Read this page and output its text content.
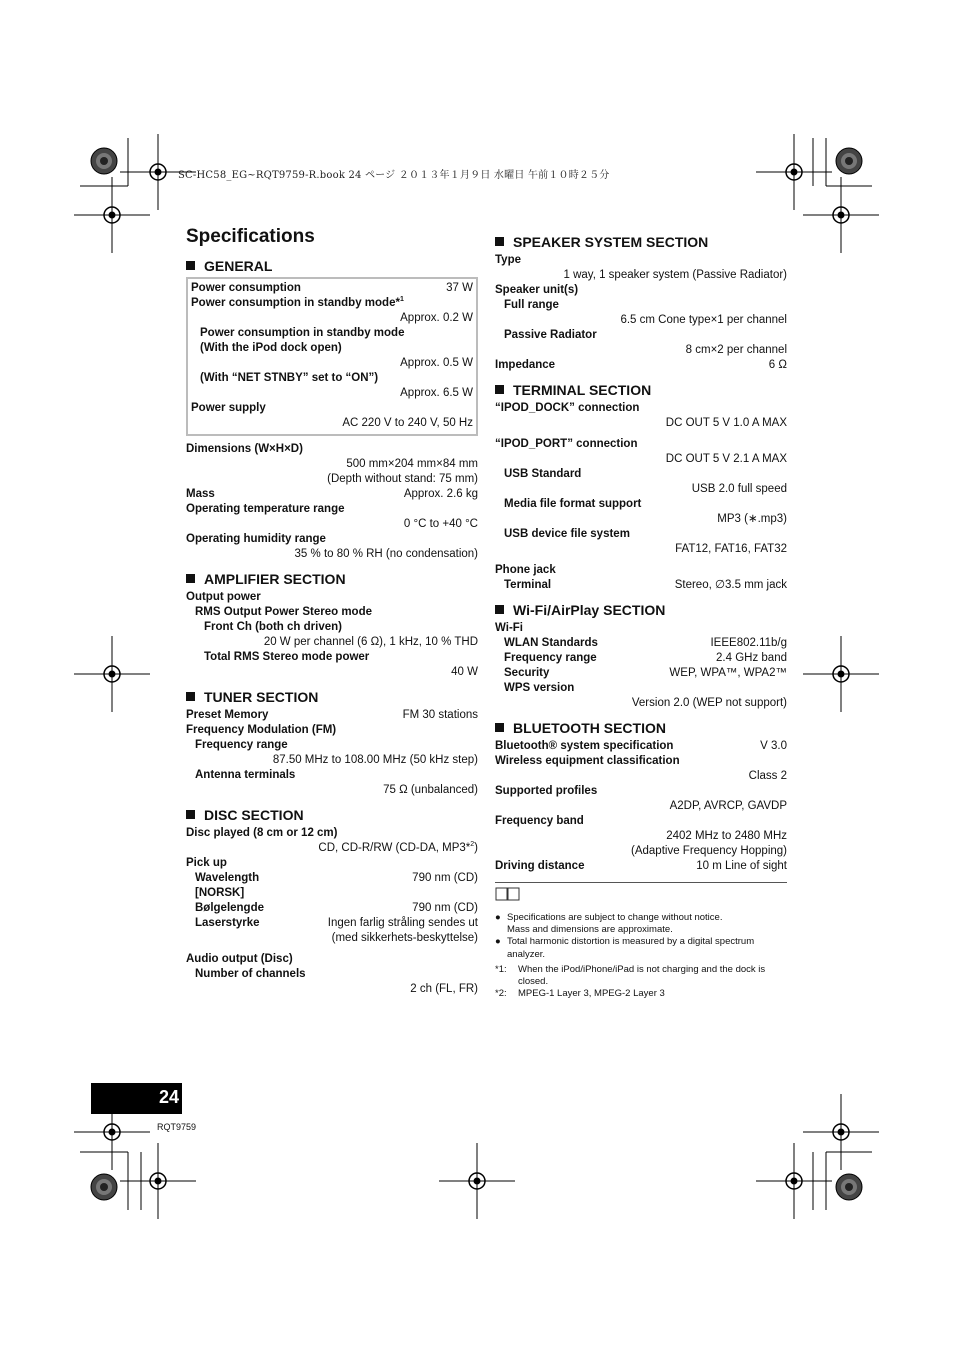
SC-HC58_EG~RQT9759-R.book 24 ページ ２０１３年１月９日 水曜日 午前１０時２５分
Specifications
GENERAL
Power consumption	37 W
Power consumption in standby mode*$^1$
Approx. 0.2 W
Power consumption in standby mode
(With the iPod dock open)
Approx. 0.5 W
(With “NET STNBY” set to “ON”)
Approx. 6.5 W
Power supply
AC 220 V to 240 V, 50 Hz
Dimensions (W×H×D)
500 mm×204 mm×84 mm
(Depth without stand: 75 mm)
Mass	Approx. 2.6 kg
Operating temperature range
0 °C to +40 °C
Operating humidity range
35 % to 80 % RH (no condensation)
AMPLIFIER SECTION
Output power
RMS Output Power Stereo mode
Front Ch (both ch driven)
20 W per channel (6 Ω), 1 kHz, 10 % THD
Total RMS Stereo mode power
40 W
TUNER SECTION
Preset Memory	FM 30 stations
Frequency Modulation (FM)
Frequency range
87.50 MHz to 108.00 MHz (50 kHz step)
Antenna terminals
75 Ω (unbalanced)
DISC SECTION
Disc played (8 cm or 12 cm)
CD, CD-R/RW (CD-DA, MP3*$^2$)
Pick up
Wavelength	790 nm (CD)
[NORSK]
Bølgelengde	790 nm (CD)
Laserstyrke	Ingen farlig stråling sendes ut
(med sikkerhets-beskyttelse)
Audio output (Disc)
Number of channels
2 ch (FL, FR)
SPEAKER SYSTEM SECTION
Type
1 way, 1 speaker system (Passive Radiator)
Speaker unit(s)
Full range
6.5 cm Cone type×1 per channel
Passive Radiator
8 cm×2 per channel
Impedance	6 Ω
TERMINAL SECTION
“IPOD_DOCK” connection
DC OUT 5 V 1.0 A MAX
“IPOD_PORT” connection
DC OUT 5 V 2.1 A MAX
USB Standard
USB 2.0 full speed
Media file format support
MP3 (∗.mp3)
USB device file system
FAT12, FAT16, FAT32
Phone jack
Terminal	Stereo, ∅3.5 mm jack
Wi-Fi/AirPlay SECTION
Wi-Fi
WLAN Standards	IEEE802.11b/g
Frequency range	2.4 GHz band
Security	WEP, WPA™, WPA2™
WPS version
Version 2.0 (WEP not support)
BLUETOOTH SECTION
Bluetooth® system specification	V 3.0
Wireless equipment classification
Class 2
Supported profiles
A2DP, AVRCP, GAVDP
Frequency band
2402 MHz to 2480 MHz
(Adaptive Frequency Hopping)
Driving distance	10 m Line of sight
● Specifications are subject to change without notice.
Mass and dimensions are approximate.
● Total harmonic distortion is measured by a digital spectrum analyzer.
*1:	When the iPod/iPhone/iPad is not charging and the dock is closed.
*2:	MPEG-1 Layer 3, MPEG-2 Layer 3
24
RQT9759
